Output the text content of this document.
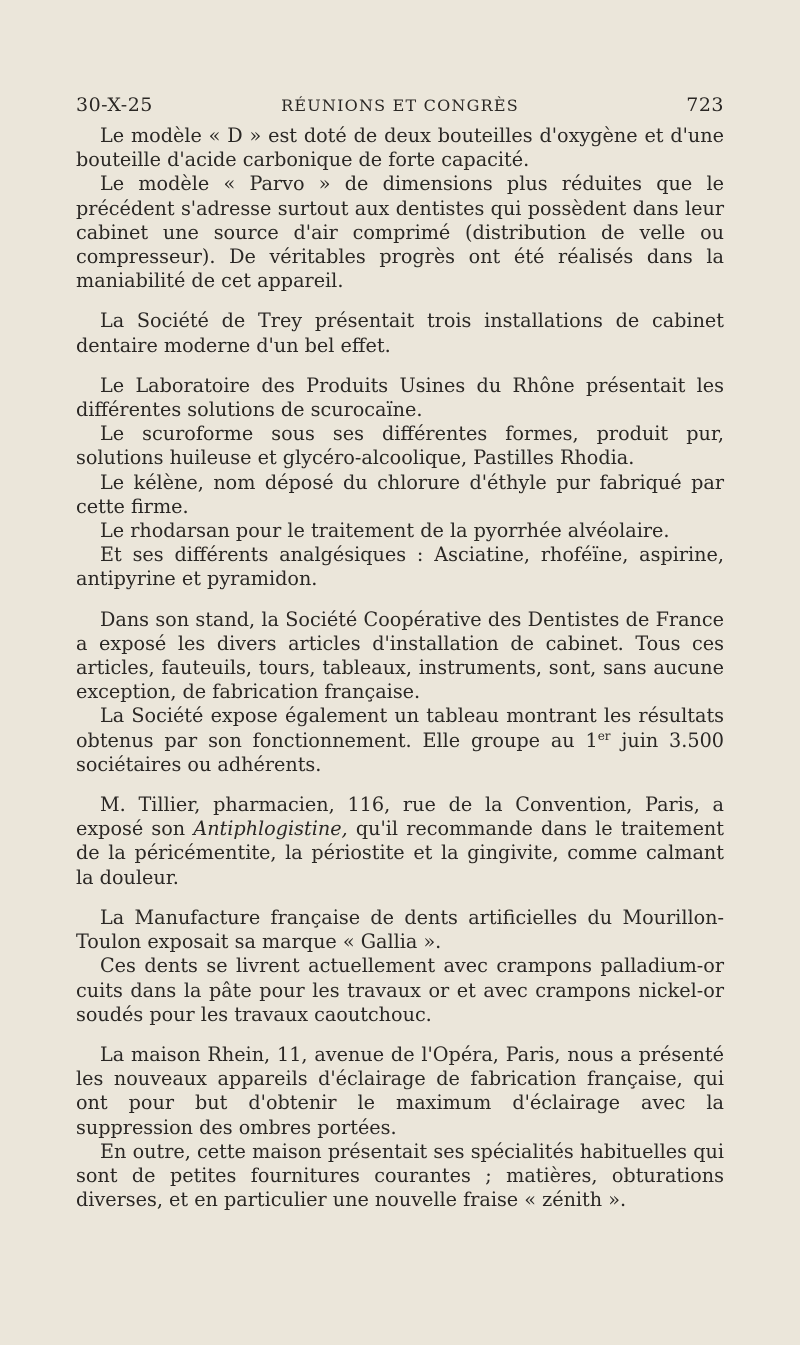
30-X-25	RÉUNIONS ET CONGRÈS	723

Le modèle « D » est doté de deux bouteilles d'oxygène et d'une bouteille d'acide carbonique de forte capacité.

Le modèle « Parvo » de dimensions plus réduites que le précédent s'adresse surtout aux dentistes qui possèdent dans leur cabinet une source d'air comprimé (distribution de velle ou compresseur). De véritables progrès ont été réalisés dans la maniabilité de cet appareil.

La Société de Trey présentait trois installations de cabinet dentaire moderne d'un bel effet.

Le Laboratoire des Produits Usines du Rhône présentait les différentes solutions de scurocaïne.

Le scuroforme sous ses différentes formes, produit pur, solutions huileuse et glycéro-alcoolique, Pastilles Rhodia.

Le kélène, nom déposé du chlorure d'éthyle pur fabriqué par cette firme.

Le rhodarsan pour le traitement de la pyorrhée alvéolaire.

Et ses différents analgésiques : Asciatine, rhoféïne, aspirine, antipyrine et pyramidon.

Dans son stand, la Société Coopérative des Dentistes de France a exposé les divers articles d'installation de cabinet. Tous ces articles, fauteuils, tours, tableaux, instruments, sont, sans aucune exception, de fabrication française.

La Société expose également un tableau montrant les résultats obtenus par son fonctionnement. Elle groupe au 1er juin 3.500 sociétaires ou adhérents.

M. Tillier, pharmacien, 116, rue de la Convention, Paris, a exposé son Antiphlogistine, qu'il recommande dans le traitement de la péricémentite, la périostite et la gingivite, comme calmant la douleur.

La Manufacture française de dents artificielles du Mourillon-Toulon exposait sa marque « Gallia ».

Ces dents se livrent actuellement avec crampons palladium-or cuits dans la pâte pour les travaux or et avec crampons nickel-or soudés pour les travaux caoutchouc.

La maison Rhein, 11, avenue de l'Opéra, Paris, nous a présenté les nouveaux appareils d'éclairage de fabrication française, qui ont pour but d'obtenir le maximum d'éclairage avec la suppression des ombres portées.

En outre, cette maison présentait ses spécialités habituelles qui sont de petites fournitures courantes ; matières, obturations diverses, et en particulier une nouvelle fraise « zénith ».
